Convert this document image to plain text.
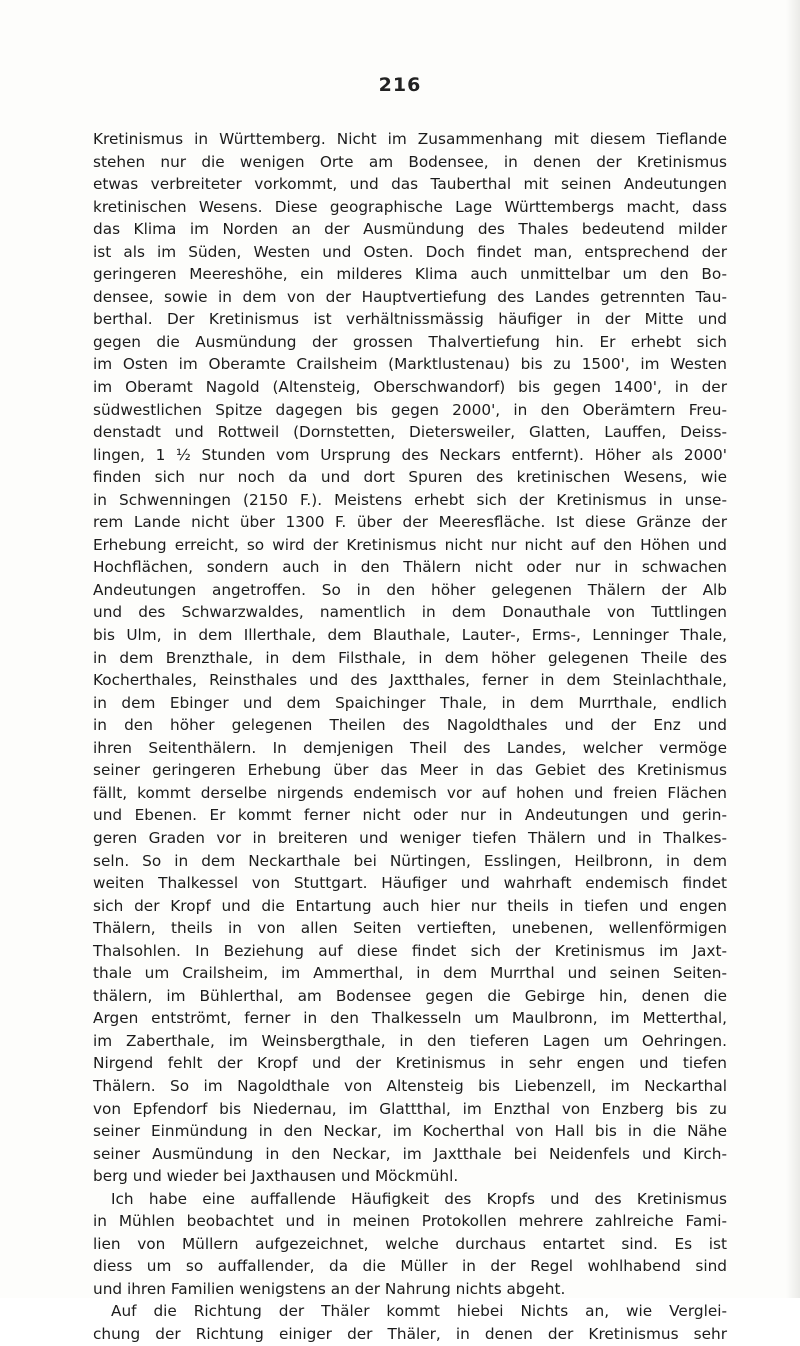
216
Kretinismus in Württemberg. Nicht im Zusammenhang mit diesem Tieflande
stehen nur die wenigen Orte am Bodensee, in denen der Kretinismus
etwas verbreiteter vorkommt, und das Tauberthal mit seinen Andeutungen
kretinischen Wesens. Diese geographische Lage Württembergs macht, dass
das Klima im Norden an der Ausmündung des Thales bedeutend milder
ist als im Süden, Westen und Osten. Doch findet man, entsprechend der
geringeren Meereshöhe, ein milderes Klima auch unmittelbar um den Bo-
densee, sowie in dem von der Hauptvertiefung des Landes getrennten Tau-
berthal. Der Kretinismus ist verhältnissmässig häufiger in der Mitte und
gegen die Ausmündung der grossen Thalvertiefung hin. Er erhebt sich
im Osten im Oberamte Crailsheim (Marktlustenau) bis zu 1500', im Westen
im Oberamt Nagold (Altensteig, Oberschwandorf) bis gegen 1400', in der
südwestlichen Spitze dagegen bis gegen 2000', in den Oberämtern Freu-
denstadt und Rottweil (Dornstetten, Dietersweiler, Glatten, Lauffen, Deiss-
lingen, 1 ½ Stunden vom Ursprung des Neckars entfernt). Höher als 2000'
finden sich nur noch da und dort Spuren des kretinischen Wesens, wie
in Schwenningen (2150 F.). Meistens erhebt sich der Kretinismus in unse-
rem Lande nicht über 1300 F. über der Meeresfläche. Ist diese Gränze der
Erhebung erreicht, so wird der Kretinismus nicht nur nicht auf den Höhen und
Hochflächen, sondern auch in den Thälern nicht oder nur in schwachen
Andeutungen angetroffen. So in den höher gelegenen Thälern der Alb
und des Schwarzwaldes, namentlich in dem Donauthale von Tuttlingen
bis Ulm, in dem Illerthale, dem Blauthale, Lauter-, Erms-, Lenninger Thale,
in dem Brenzthale, in dem Filsthale, in dem höher gelegenen Theile des
Kocherthales, Reinsthales und des Jaxtthales, ferner in dem Steinlachthale,
in dem Ebinger und dem Spaichinger Thale, in dem Murrthale, endlich
in den höher gelegenen Theilen des Nagoldthales und der Enz und
ihren Seitenthälern. In demjenigen Theil des Landes, welcher vermöge
seiner geringeren Erhebung über das Meer in das Gebiet des Kretinismus
fällt, kommt derselbe nirgends endemisch vor auf hohen und freien Flächen
und Ebenen. Er kommt ferner nicht oder nur in Andeutungen und gerin-
geren Graden vor in breiteren und weniger tiefen Thälern und in Thalkes-
seln. So in dem Neckarthale bei Nürtingen, Esslingen, Heilbronn, in dem
weiten Thalkessel von Stuttgart. Häufiger und wahrhaft endemisch findet
sich der Kropf und die Entartung auch hier nur theils in tiefen und engen
Thälern, theils in von allen Seiten vertieften, unebenen, wellenförmigen
Thalsohlen. In Beziehung auf diese findet sich der Kretinismus im Jaxt-
thale um Crailsheim, im Ammerthal, in dem Murrthal und seinen Seiten-
thälern, im Bühlerthal, am Bodensee gegen die Gebirge hin, denen die
Argen entströmt, ferner in den Thalkesseln um Maulbronn, im Metterthal,
im Zaberthale, im Weinsbergthale, in den tieferen Lagen um Oehringen.
Nirgend fehlt der Kropf und der Kretinismus in sehr engen und tiefen
Thälern. So im Nagoldthale von Altensteig bis Liebenzell, im Neckarthal
von Epfendorf bis Niedernau, im Glattthal, im Enzthal von Enzberg bis zu
seiner Einmündung in den Neckar, im Kocherthal von Hall bis in die Nähe
seiner Ausmündung in den Neckar, im Jaxtthale bei Neidenfels und Kirch-
berg und wieder bei Jaxthausen und Möckmühl.
Ich habe eine auffallende Häufigkeit des Kropfs und des Kretinismus
in Mühlen beobachtet und in meinen Protokollen mehrere zahlreiche Fami-
lien von Müllern aufgezeichnet, welche durchaus entartet sind. Es ist
diess um so auffallender, da die Müller in der Regel wohlhabend sind
und ihren Familien wenigstens an der Nahrung nichts abgeht.
Auf die Richtung der Thäler kommt hiebei Nichts an, wie Verglei-
chung der Richtung einiger der Thäler, in denen der Kretinismus sehr
